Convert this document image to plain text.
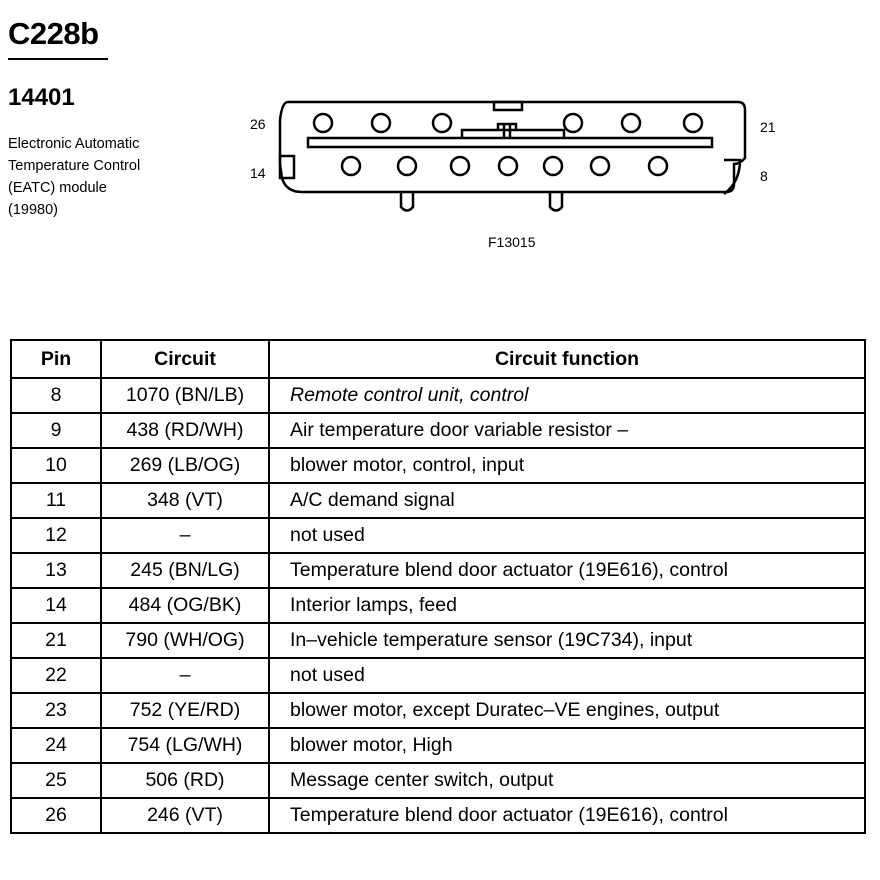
C228b
14401
Electronic Automatic
Temperature Control
(EATC) module
(19980)
26	21
14	8
F13015
Pin	Circuit	Circuit function
8	1070 (BN/LB)	Remote control unit, control
9	438 (RD/WH)	Air temperature door variable resistor –
10	269 (LB/OG)	blower motor, control, input
11	348 (VT)	A/C demand signal
12	–	not used
13	245 (BN/LG)	Temperature blend door actuator (19E616), control
14	484 (OG/BK)	Interior lamps, feed
21	790 (WH/OG)	In–vehicle temperature sensor (19C734), input
22	–	not used
23	752 (YE/RD)	blower motor, except Duratec–VE engines, output
24	754 (LG/WH)	blower motor, High
25	506 (RD)	Message center switch, output
26	246 (VT)	Temperature blend door actuator (19E616), control
